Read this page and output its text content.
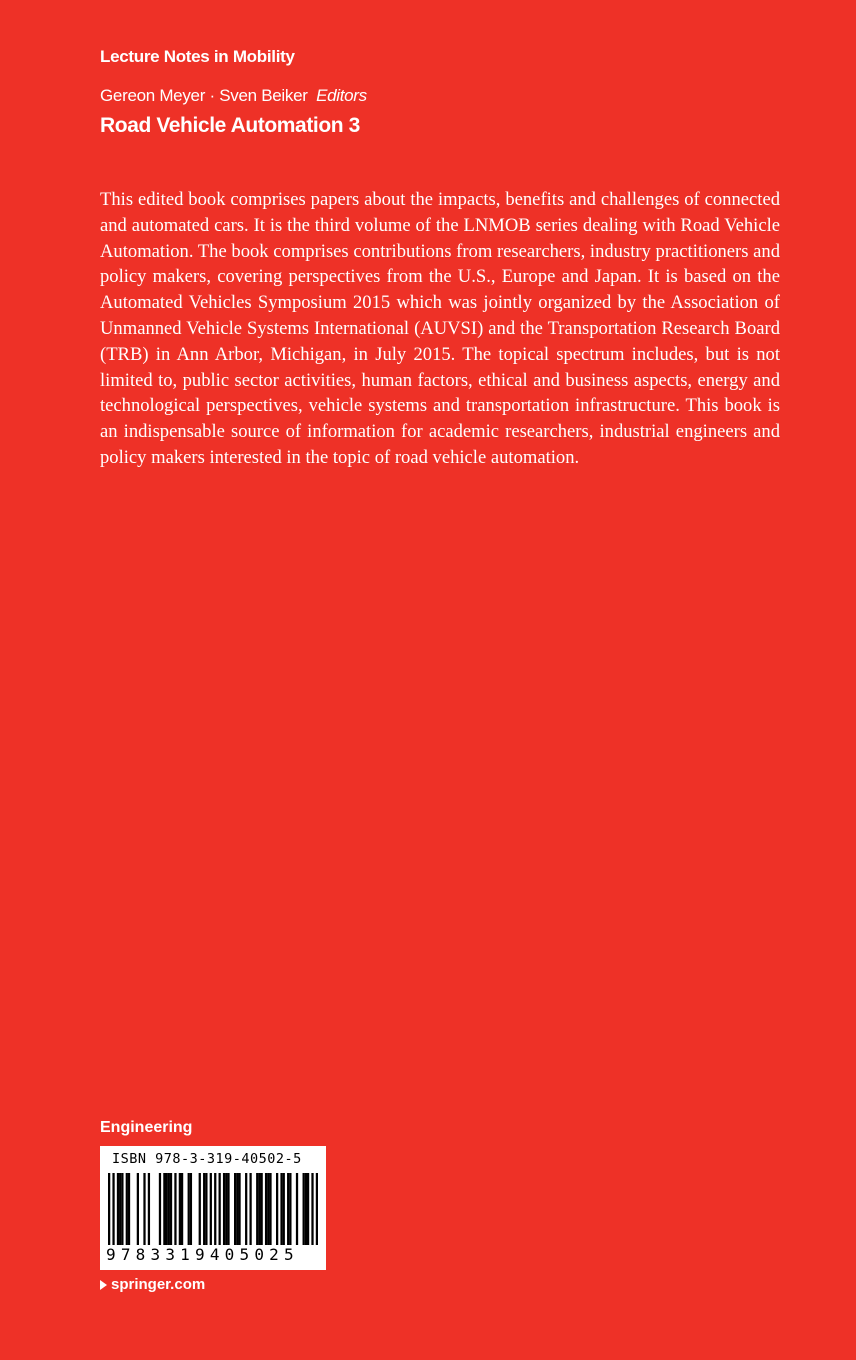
Lecture Notes in Mobility
Gereon Meyer · Sven Beiker Editors
Road Vehicle Automation 3

This edited book comprises papers about the impacts, benefits and challenges of connected and automated cars. It is the third volume of the LNMOB series dealing with Road Vehicle Automation. The book comprises contributions from researchers, industry practitioners and policy makers, covering perspectives from the U.S., Europe and Japan. It is based on the Automated Vehicles Symposium 2015 which was jointly organized by the Association of Unmanned Vehicle Systems International (AUVSI) and the Transportation Research Board (TRB) in Ann Arbor, Michigan, in July 2015. The topical spectrum includes, but is not limited to, public sector activities, human factors, ethical and business aspects, energy and technological perspectives, vehicle systems and transportation infrastructure. This book is an indispensable source of information for academic researchers, industrial engineers and policy makers interested in the topic of road vehicle automation.

Engineering
ISBN 978-3-319-40502-5
9783319405025
springer.com
